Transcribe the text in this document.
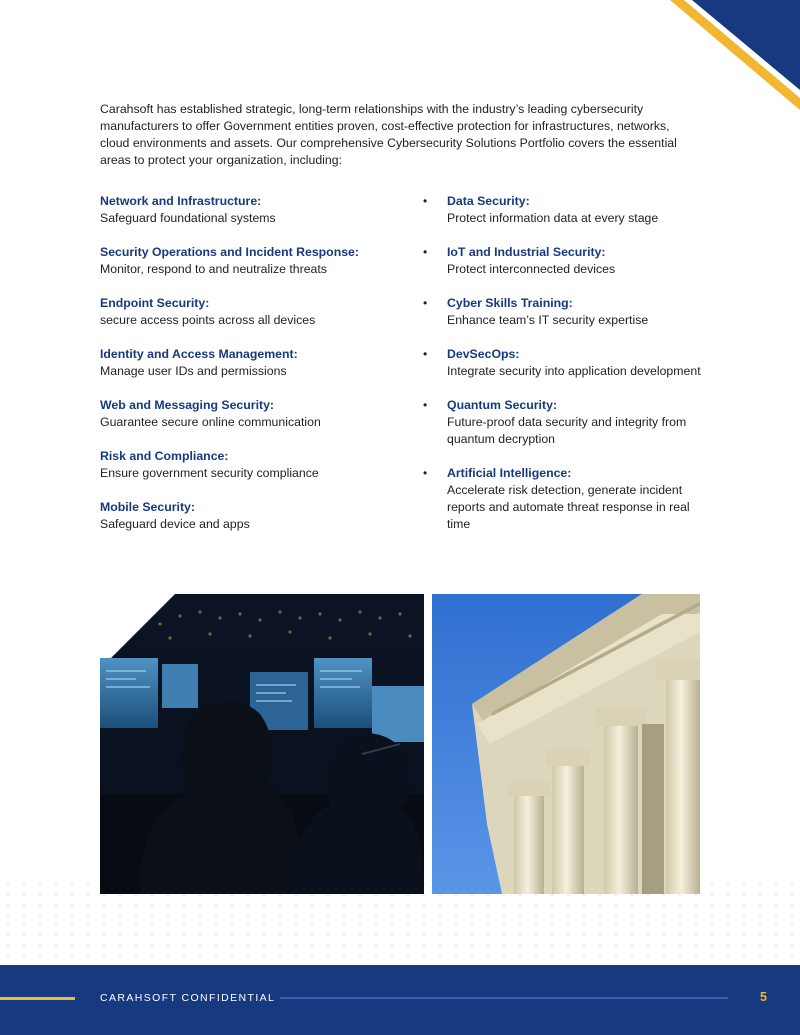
Carahsoft has established strategic, long-term relationships with the industry’s leading cybersecurity manufacturers to offer Government entities proven, cost-effective protection for infrastructures, networks, cloud environments and assets. Our comprehensive Cybersecurity Solutions Portfolio covers the essential areas to protect your organization, including:

Network and Infrastructure:
Safeguard foundational systems
Security Operations and Incident Response:
Monitor, respond to and neutralize threats
Endpoint Security:
secure access points across all devices
Identity and Access Management:
Manage user IDs and permissions
Web and Messaging Security:
Guarantee secure online communication
Risk and Compliance:
Ensure government security compliance
Mobile Security:
Safeguard device and apps
• Data Security:
Protect information data at every stage
• IoT and Industrial Security:
Protect interconnected devices
• Cyber Skills Training:
Enhance team’s IT security expertise
• DevSecOps:
Integrate security into application development
• Quantum Security:
Future-proof data security and integrity from quantum decryption
• Artificial Intelligence:
Accelerate risk detection, generate incident reports and automate threat response in real time
CARAHSOFT CONFIDENTIAL	5
